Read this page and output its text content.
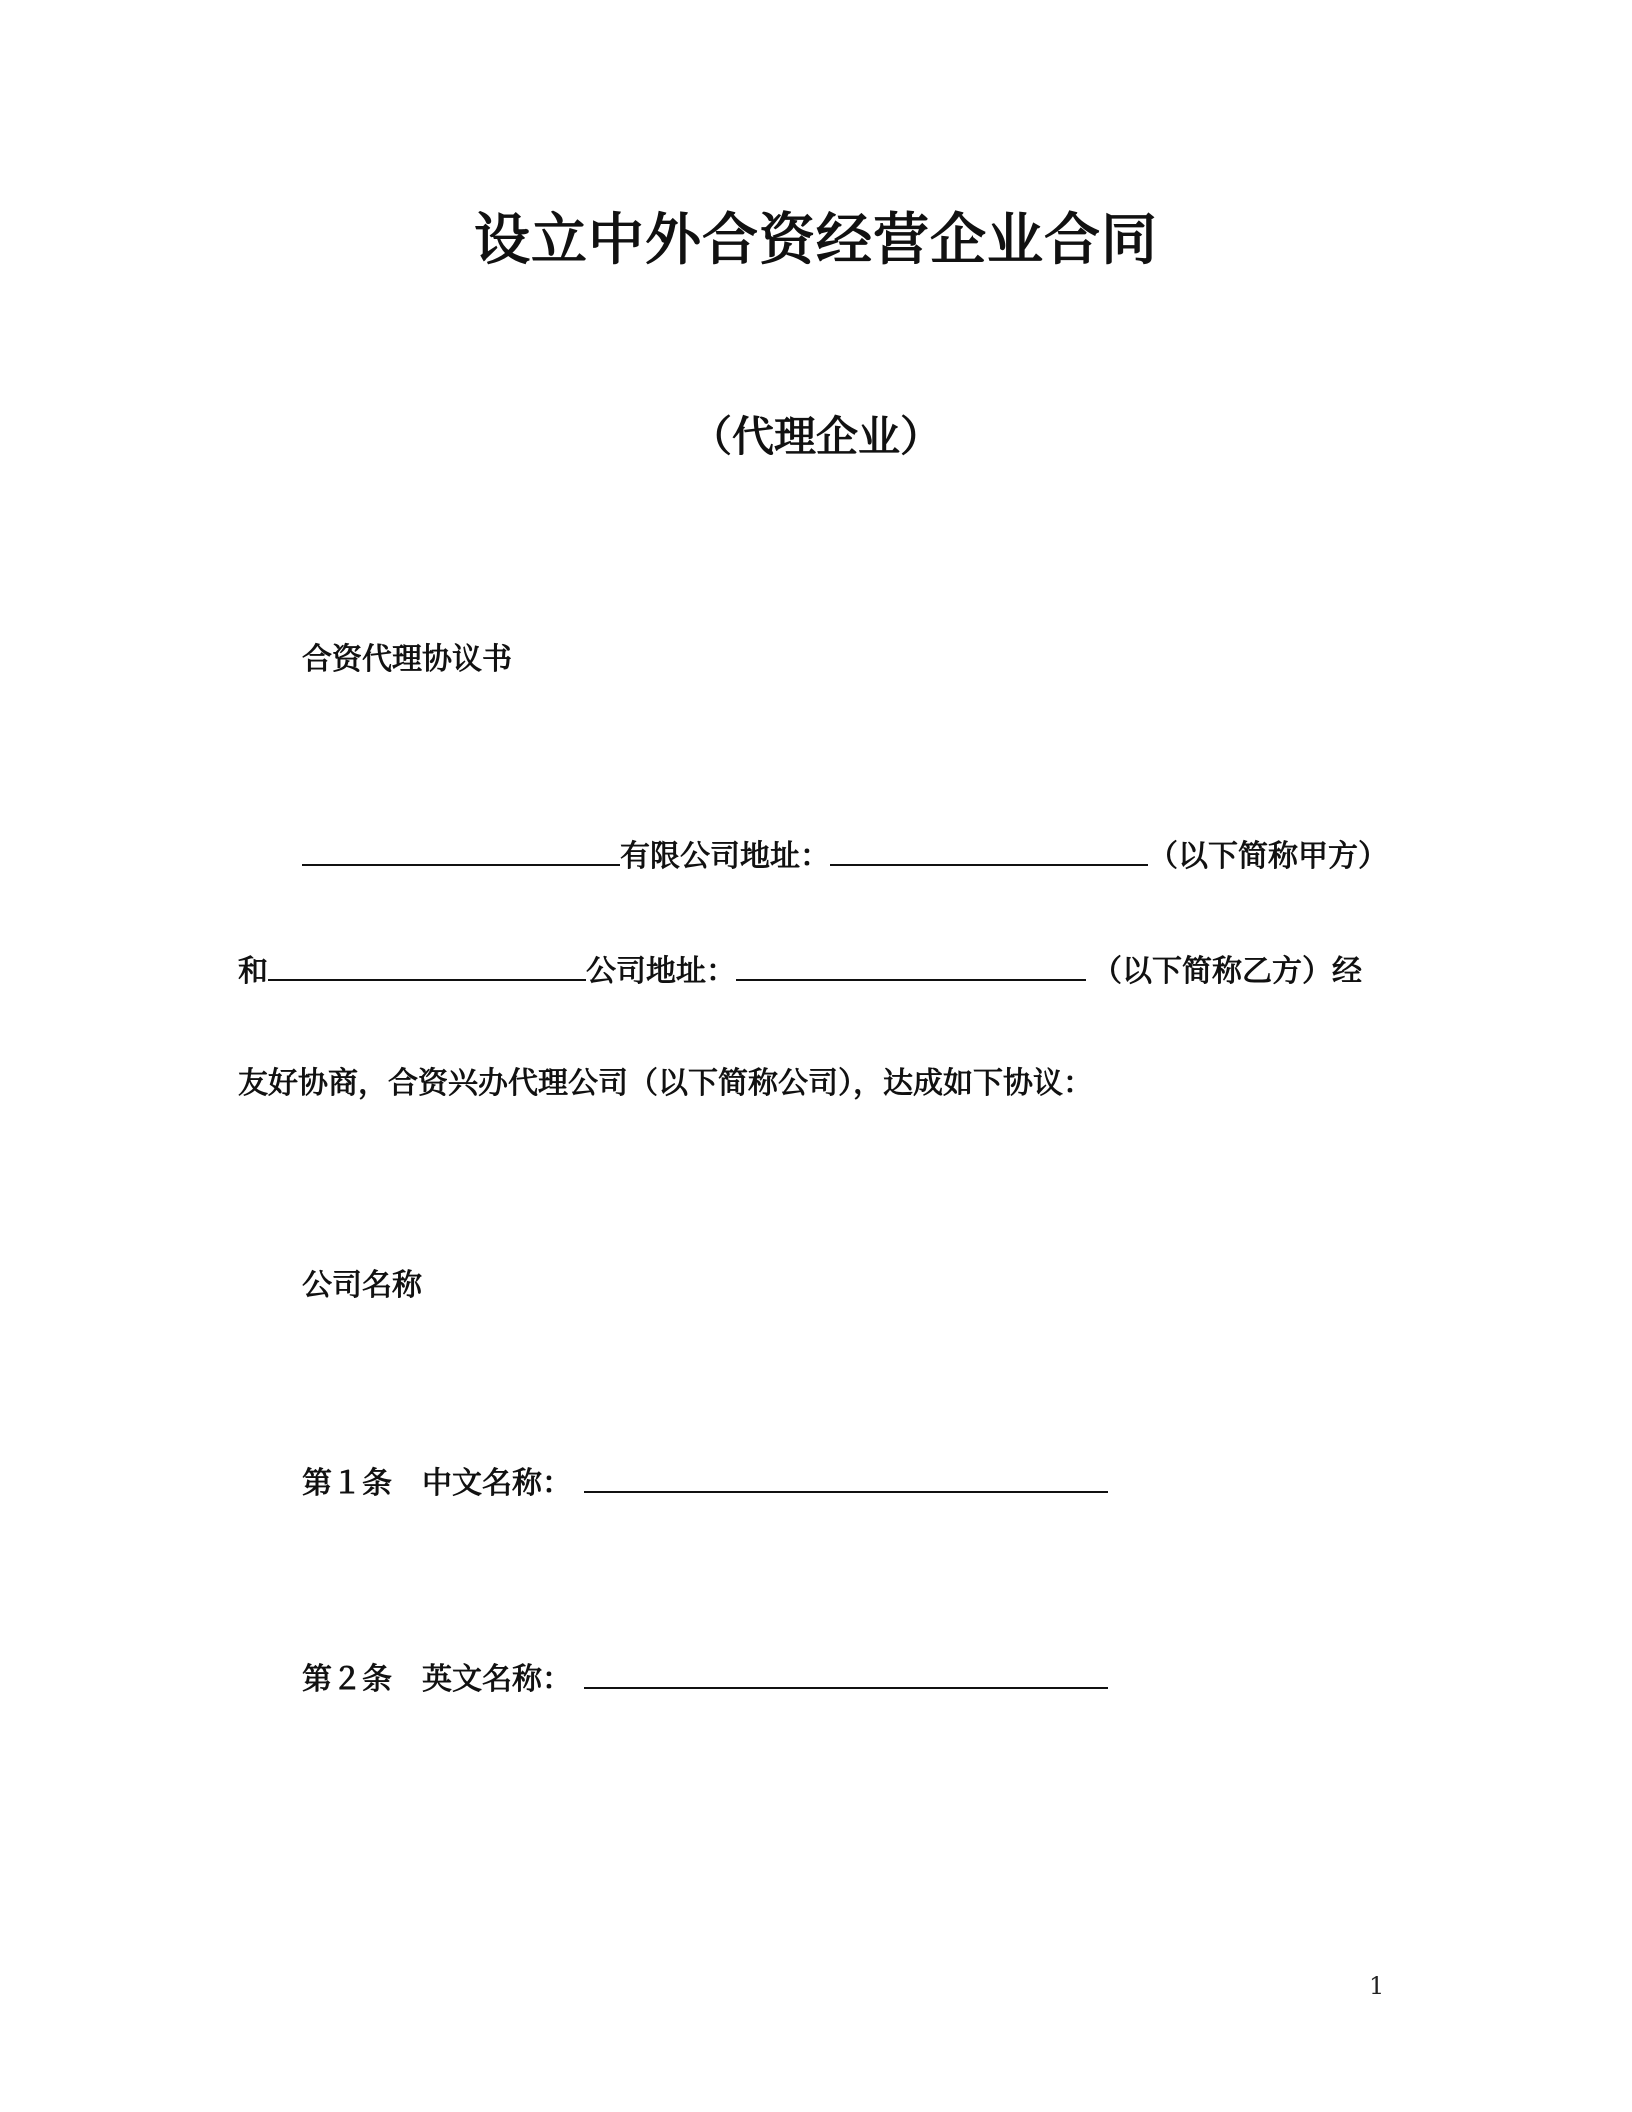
设立中外合资经营企业合同
（代理企业）
合资代理协议书
有限公司地址：	（以下简称甲方）
和	公司地址：	（以下简称乙方）经
友好协商，合资兴办代理公司（以下简称公司），达成如下协议：
公司名称
第１条　中文名称：
第２条　英文名称：
1
